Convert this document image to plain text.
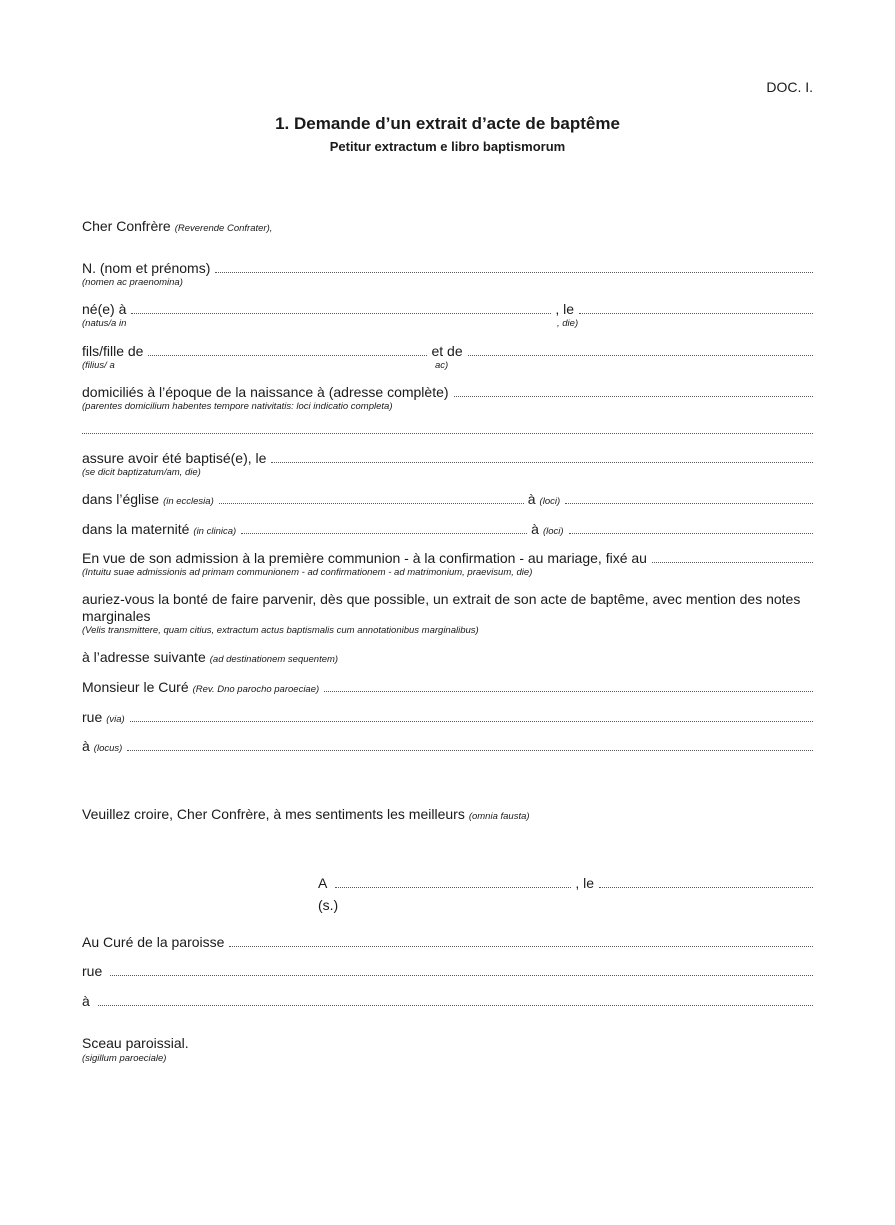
DOC. I.
1. Demande d’un extrait d’acte de baptême
Petitur extractum e libro baptismorum
Cher Confrère (Reverende Confrater),
N. (nom et prénoms)
(nomen ac praenomina)
né(e) à	, le
(natus/a in	, die)
fils/fille de	et de
(filius/ a	ac)
domiciliés à l’époque de la naissance à (adresse complète)
(parentes domicilium habentes tempore nativitatis: loci indicatio completa)
assure avoir été baptisé(e), le
(se dicit baptizatum/am, die)
dans l’église (in ecclesia)	à (loci)
dans la maternité (in clinica)	à (loci)
En vue de son admission à la première communion - à la confirmation - au mariage, fixé au
(Intuitu suae admissionis ad primam communionem - ad confirmationem - ad matrimonium, praevisum, die)
auriez-vous la bonté de faire parvenir, dès que possible, un extrait de son acte de baptême, avec mention des notes marginales
(Velis transmittere, quam citius, extractum actus baptismalis cum annotationibus marginalibus)
à l’adresse suivante (ad destinationem sequentem)
Monsieur le Curé (Rev. Dno parocho paroeciae)
rue (via)
à (locus)
Veuillez croire, Cher Confrère, à mes sentiments les meilleurs (omnia fausta)
A	, le
(s.)
Au Curé de la paroisse
rue
à
Sceau paroissial.
(sigillum paroeciale)
